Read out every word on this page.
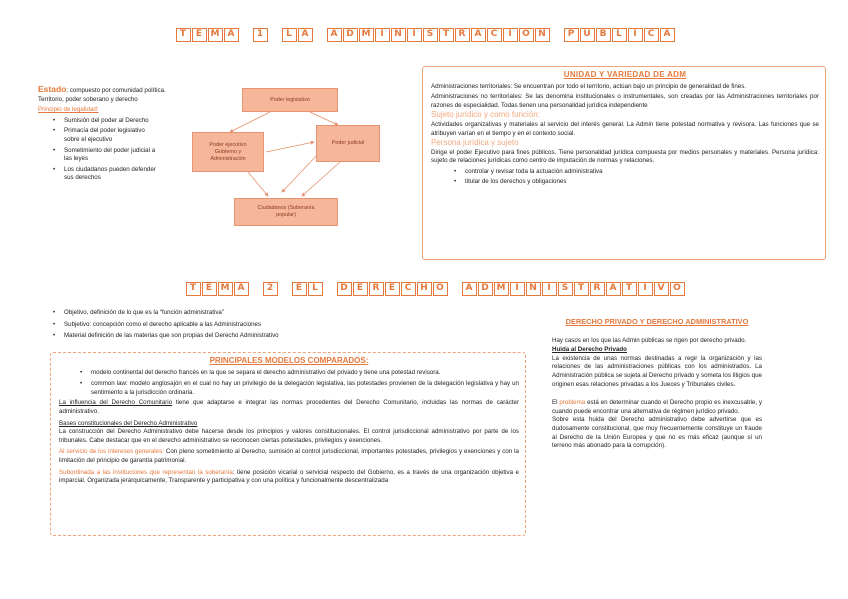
T	E M A	1	L	A	A D M	I	N	I	S	T	R	A	C	I	O N	P	U B	L	I	C	A
Estado: compuesto por comunidad política. Territorio, poder soberano y derecho
Principio de legalidad:
• Sumisión del poder al Derecho
• Primacía del poder legislativo sobre el ejecutivo
• Sometimiento del poder judicial a las leyes
• Los ciudadanos pueden defender sus derechos
Poder legislativo
Poder ejecutivo Gobierno y Administración
Poder judicial
Ciudadanos (Soberanía popular)
UNIDAD Y VARIEDAD DE ADM
Administraciones territoriales: Se encuentran por todo el territorio, actúan bajo un principio de generalidad de fines.
Administraciones no territoriales: Se las denomina institucionales o instrumentales, son creadas por las Administraciones territoriales por razones de especialidad. Todas tienen una personalidad jurídica independiente
Sujeto jurídico y como función:
Actividades organizativas y materiales al servicio del interés general. La Admin tiene potestad normativa y revisora. Las funciones que se atribuyen varían en el tiempo y en el contexto social.
Persona jurídica y sujeto
Dirige el poder Ejecutivo para fines públicos. Tiene personalidad jurídica compuesta por medios personales y materiales. Persona jurídica: sujeto de relaciones jurídicas como centro de imputación de normas y relaciones.
• controlar y revisar toda la actuación administrativa
• titular de los derechos y obligaciones
T	E M A	2	E	L	D	E	R	E	C H O	A D M	I	N	I	S	T	R	A	T	I	V O
• Objetivo, definición de lo que es la “función administrativa”
• Subjetivo: concepción como el derecho aplicable a las Administraciones
• Material definición de las materias que son propias del Derecho Administrativo
PRINCIPALES MODELOS COMPARADOS:
• modelo continental del derecho francés en la que se separa el derecho administrativo del privado y tiene una potestad revisora.
• common law: modelo anglosajón en el cual no hay un privilegio de la delegación legislativa, las potestades provienen de la delegación legislativa y hay un sentimiento a la jurisdicción ordinaria.
La influencia del Derecho Comunitario tiene que adaptarse e integrar las normas procedentes del Derecho Comunitario, incluidas las normas de carácter administrativo.
Bases constitucionales del Derecho Administrativo
La construcción del Derecho Administrativo debe hacerse desde los principios y valores constitucionales. El control jurisdiccional administrativo por parte de los tribunales. Cabe destacar que en el derecho administrativo se reconocen ciertas potestades, privilegios y exenciones.
Al servicio de los intereses generales: Con pleno sometimiento al Derecho, sumisión al control jurisdiccional, importantes potestades, privilegios y exenciones y con la limitación del principio de garantía patrimonial.
Subordinada a las instituciones que representan la soberanía: tiene posición vicarial o servicial respecto del Gobierno, es a través de una organización objetiva e imparcial. Organizada jerárquicamente, Transparente y participativa y con una política y funcionalmente descentralizada
DERECHO PRIVADO Y DERECHO ADMINISTRATIVO
Hay casos en los que las Admin públicas se rigen por derecho privado.
Huida al Derecho Privado
La existencia de unas normas destinadas a regir la organización y las relaciones de las administraciones públicas con los administrados. La Administración pública se sujeta al Derecho privado y someta los litigios que originen esas relaciones privadas a los Jueces y Tribunales civiles.
El problema está en determinar cuando el Derecho propio es inexcusable, y cuando puede encontrar una alternativa de régimen jurídico privado.
Sobre esta huida del Derecho administrativo debe advertirse que es dudosamente constitucional, que muy frecuentemente constituye un fraude al Derecho de la Unión Europea y que no es más eficaz (aunque sí un terreno más abonado para la corrupción).
